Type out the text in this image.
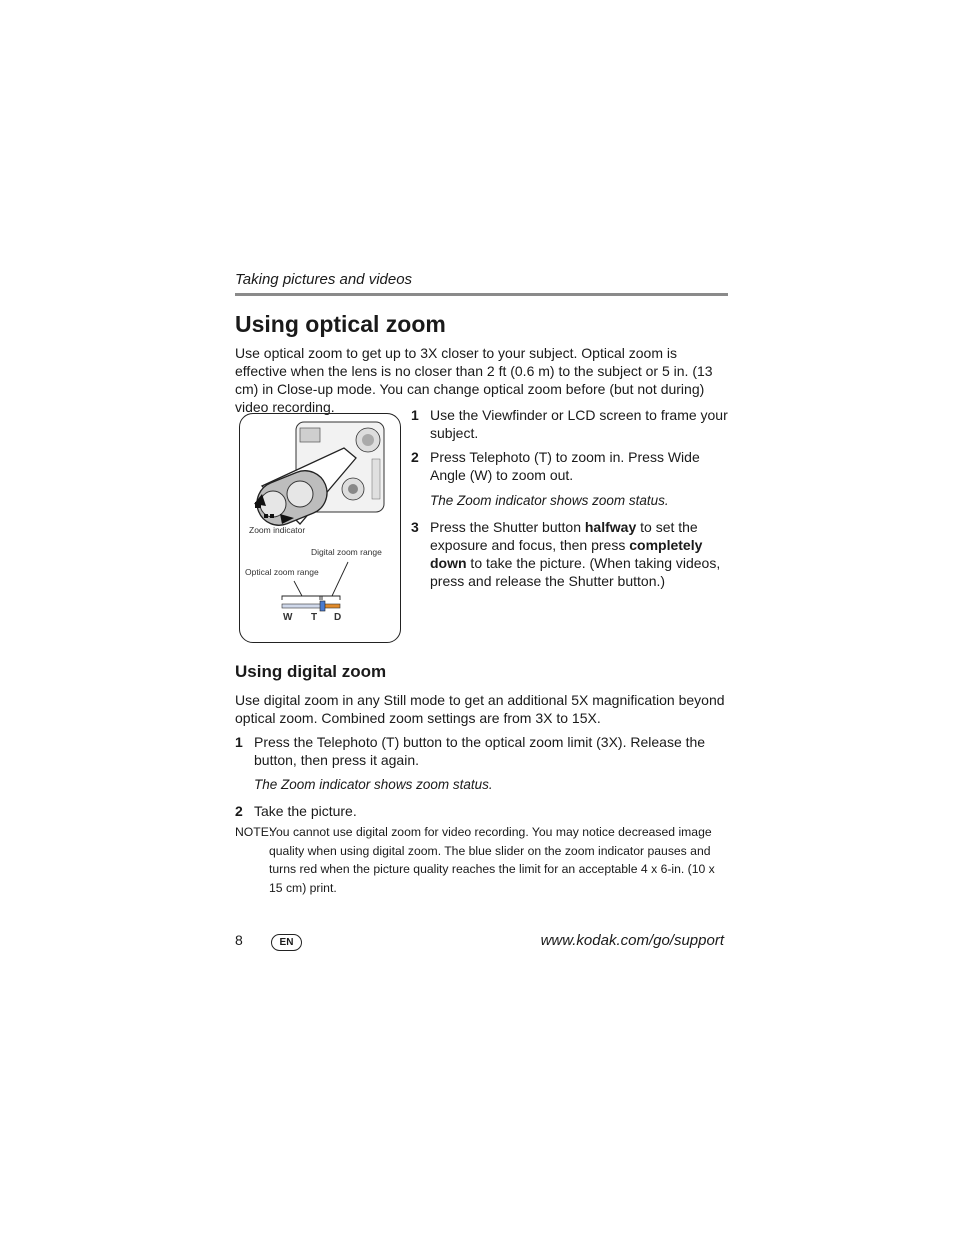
Taking pictures and videos
Using optical zoom
Use optical zoom to get up to 3X closer to your subject. Optical zoom is effective when the lens is no closer than 2 ft (0.6 m) to the subject or 5 in. (13 cm) in Close-up mode. You can change optical zoom before (but not during) video recording.
Zoom indicator
Digital zoom range
Optical zoom range
W T D
1 Use the Viewfinder or LCD screen to frame your subject.
2 Press Telephoto (T) to zoom in. Press Wide Angle (W) to zoom out.
The Zoom indicator shows zoom status.
3 Press the Shutter button halfway to set the exposure and focus, then press completely down to take the picture. (When taking videos, press and release the Shutter button.)
Using digital zoom
Use digital zoom in any Still mode to get an additional 5X magnification beyond optical zoom. Combined zoom settings are from 3X to 15X.
1 Press the Telephoto (T) button to the optical zoom limit (3X). Release the button, then press it again.
The Zoom indicator shows zoom status.
2 Take the picture.
NOTE:
You cannot use digital zoom for video recording. You may notice decreased image quality when using digital zoom. The blue slider on the zoom indicator pauses and turns red when the picture quality reaches the limit for an acceptable 4 x 6-in. (10 x 15 cm) print.
8	EN	www.kodak.com/go/support
